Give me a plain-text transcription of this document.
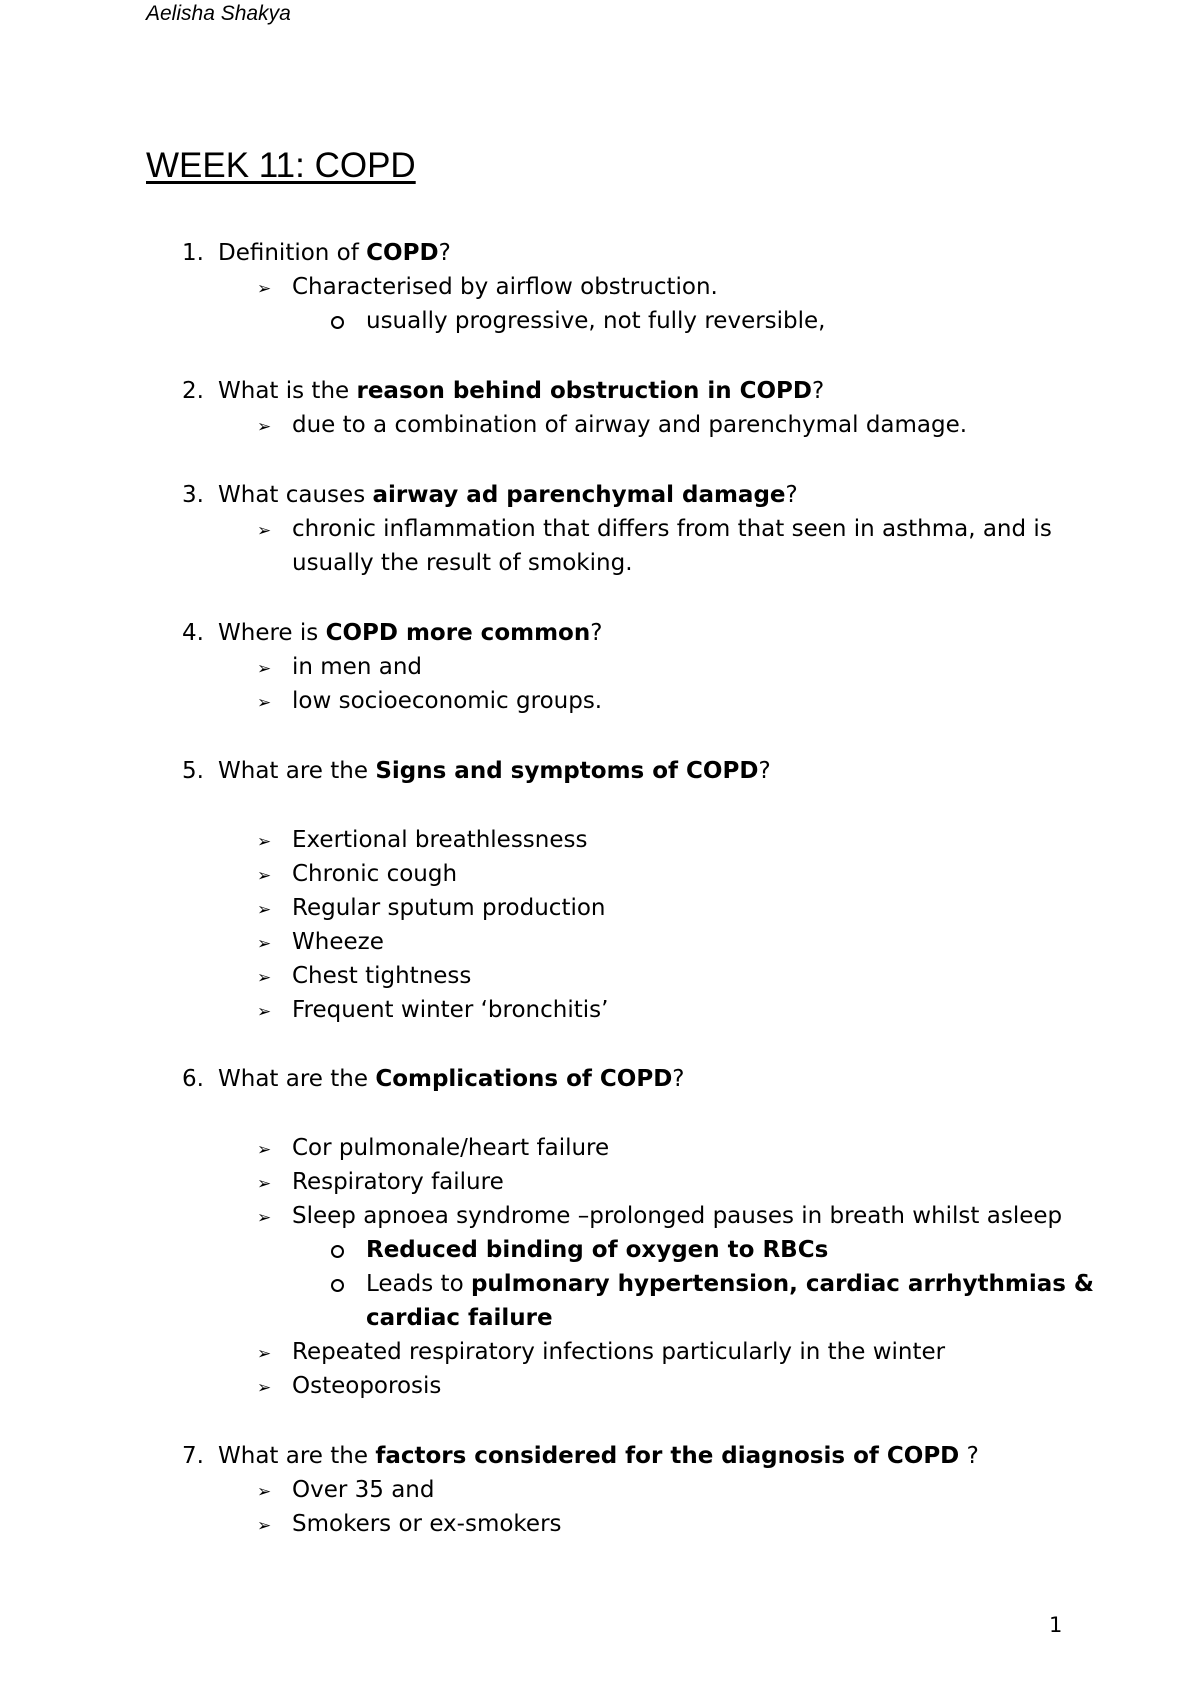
Aelisha Shakya
WEEK 11: COPD
1. Definition of COPD?
➢ Characterised by airflow obstruction.
usually progressive, not fully reversible,
2. What is the reason behind obstruction in COPD?
➢ due to a combination of airway and parenchymal damage.
3. What causes airway ad parenchymal damage?
➢ chronic inflammation that differs from that seen in asthma, and is
usually the result of smoking.
4. Where is COPD more common?
➢ in men and
➢ low socioeconomic groups.
5. What are the Signs and symptoms of COPD?
➢ Exertional breathlessness
➢ Chronic cough
➢ Regular sputum production
➢ Wheeze
➢ Chest tightness
➢ Frequent winter ‘bronchitis’
6. What are the Complications of COPD?
➢ Cor pulmonale/heart failure
➢ Respiratory failure
➢ Sleep apnoea syndrome –prolonged pauses in breath whilst asleep
Reduced binding of oxygen to RBCs
Leads to pulmonary hypertension, cardiac arrhythmias &
cardiac failure
➢ Repeated respiratory infections particularly in the winter
➢ Osteoporosis
7. What are the factors considered for the diagnosis of COPD ?
➢ Over 35 and
➢ Smokers or ex-smokers
1
